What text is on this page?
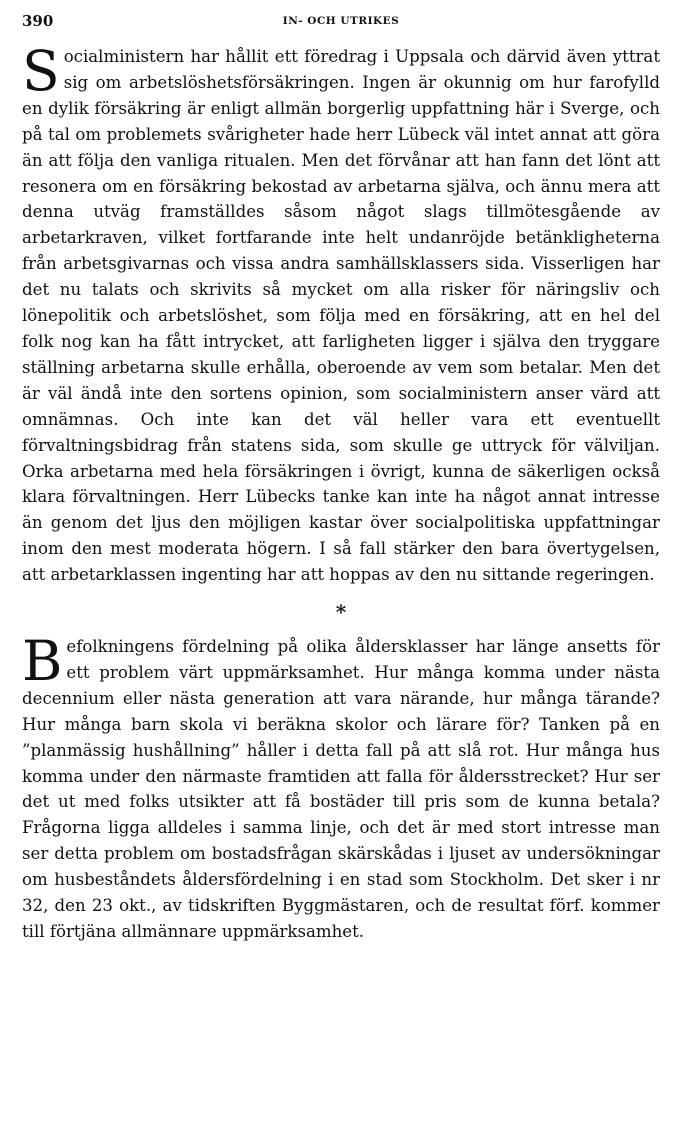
390	IN- OCH UTRIKES

Socialministern har hållit ett föredrag i Uppsala och därvid även yttrat sig om arbetslöshetsförsäkringen. Ingen är okunnig om hur farofylld en dylik försäkring är enligt allmän borgerlig uppfattning här i Sverge, och på tal om problemets svårigheter hade herr Lübeck väl intet annat att göra än att följa den vanliga ritualen. Men det förvånar att han fann det lönt att resonera om en försäkring bekostad av arbetarna själva, och ännu mera att denna utväg framställdes såsom något slags tillmötesgående av arbetarkraven, vilket fortfarande inte helt undanröjde betänkligheterna från arbetsgivarnas och vissa andra samhällsklassers sida. Visserligen har det nu talats och skrivits så mycket om alla risker för näringsliv och lönepolitik och arbetslöshet, som följa med en försäkring, att en hel del folk nog kan ha fått intrycket, att farligheten ligger i själva den tryggare ställning arbetarna skulle erhålla, oberoende av vem som betalar. Men det är väl ändå inte den sortens opinion, som socialministern anser värd att omnämnas. Och inte kan det väl heller vara ett eventuellt förvaltningsbidrag från statens sida, som skulle ge uttryck för välviljan. Orka arbetarna med hela försäkringen i övrigt, kunna de säkerligen också klara förvaltningen. Herr Lübecks tanke kan inte ha något annat intresse än genom det ljus den möjligen kastar över socialpolitiska uppfattningar inom den mest moderata högern. I så fall stärker den bara övertygelsen, att arbetarklassen ingenting har att hoppas av den nu sittande regeringen.

*

Befolkningens fördelning på olika åldersklasser har länge ansetts för ett problem värt uppmärksamhet. Hur många komma under nästa decennium eller nästa generation att vara närande, hur många tärande? Hur många barn skola vi beräkna skolor och lärare för? Tanken på en ”planmässig hushållning” håller i detta fall på att slå rot. Hur många hus komma under den närmaste framtiden att falla för åldersstrecket? Hur ser det ut med folks utsikter att få bostäder till pris som de kunna betala? Frågorna ligga alldeles i samma linje, och det är med stort intresse man ser detta problem om bostadsfrågan skärskådas i ljuset av undersökningar om husbeståndets åldersfördelning i en stad som Stockholm. Det sker i nr 32, den 23 okt., av tidskriften Byggmästaren, och de resultat förf. kommer till förtjäna allmännare uppmärksamhet.
